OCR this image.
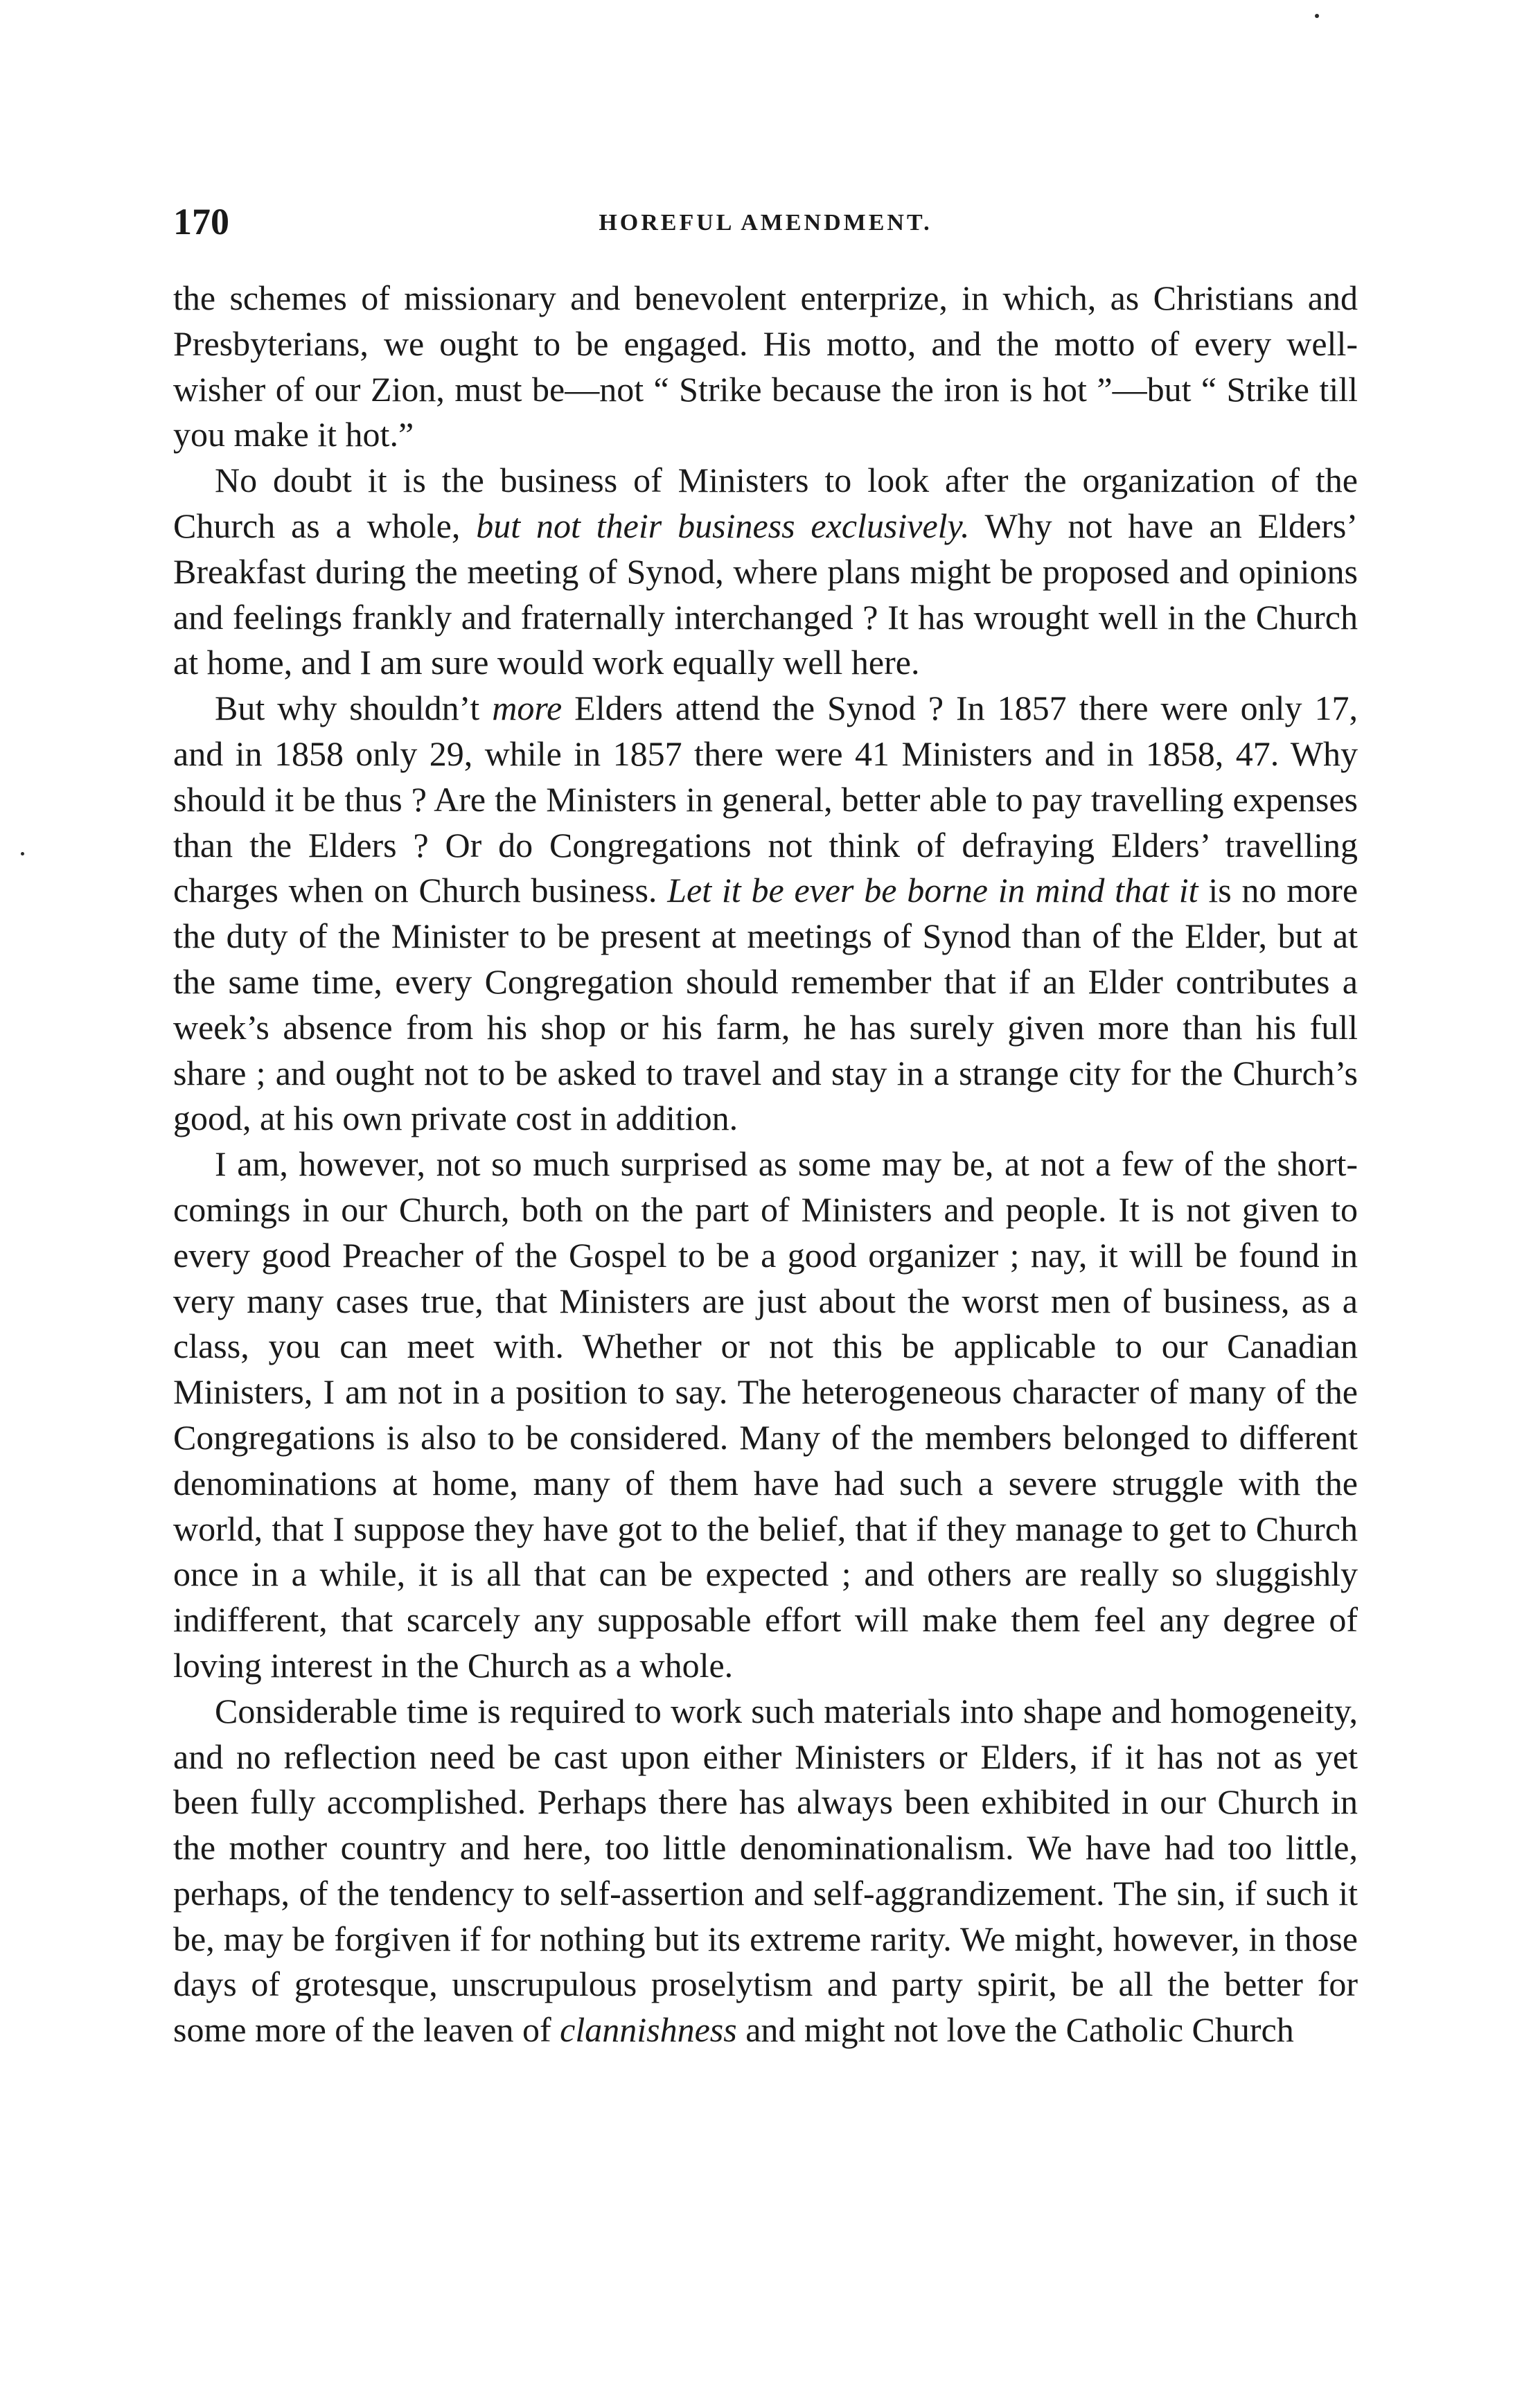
170	HOREFUL AMENDMENT.

the schemes of missionary and benevolent enterprize, in which, as Christians and Presbyterians, we ought to be engaged. His motto, and the motto of every well-wisher of our Zion, must be—not “ Strike because the iron is hot ”—but “ Strike till you make it hot.”

No doubt it is the business of Ministers to look after the organization of the Church as a whole, but not their business exclusively. Why not have an Elders’ Breakfast during the meeting of Synod, where plans might be proposed and opinions and feelings frankly and fraternally interchanged ? It has wrought well in the Church at home, and I am sure would work equally well here.

But why shouldn’t more Elders attend the Synod ? In 1857 there were only 17, and in 1858 only 29, while in 1857 there were 41 Ministers and in 1858, 47. Why should it be thus ? Are the Ministers in general, better able to pay travelling expenses than the Elders ? Or do Congregations not think of defraying Elders’ travelling charges when on Church business. Let it be ever be borne in mind that it is no more the duty of the Minister to be present at meetings of Synod than of the Elder, but at the same time, every Congregation should remember that if an Elder contributes a week’s absence from his shop or his farm, he has surely given more than his full share ; and ought not to be asked to travel and stay in a strange city for the Church’s good, at his own private cost in addition.

I am, however, not so much surprised as some may be, at not a few of the short-comings in our Church, both on the part of Ministers and people. It is not given to every good Preacher of the Gospel to be a good organizer ; nay, it will be found in very many cases true, that Ministers are just about the worst men of business, as a class, you can meet with. Whether or not this be applicable to our Canadian Ministers, I am not in a position to say. The heterogeneous character of many of the Congregations is also to be considered. Many of the members belonged to different denominations at home, many of them have had such a severe struggle with the world, that I suppose they have got to the belief, that if they manage to get to Church once in a while, it is all that can be expected ; and others are really so sluggishly indifferent, that scarcely any supposable effort will make them feel any degree of loving interest in the Church as a whole.

Considerable time is required to work such materials into shape and homogeneity, and no reflection need be cast upon either Ministers or Elders, if it has not as yet been fully accomplished. Perhaps there has always been exhibited in our Church in the mother country and here, too little denominationalism. We have had too little, perhaps, of the tendency to self-assertion and self-aggrandizement. The sin, if such it be, may be forgiven if for nothing but its extreme rarity. We might, however, in those days of grotesque, unscrupulous proselytism and party spirit, be all the better for some more of the leaven of clannishness and might not love the Catholic Church
